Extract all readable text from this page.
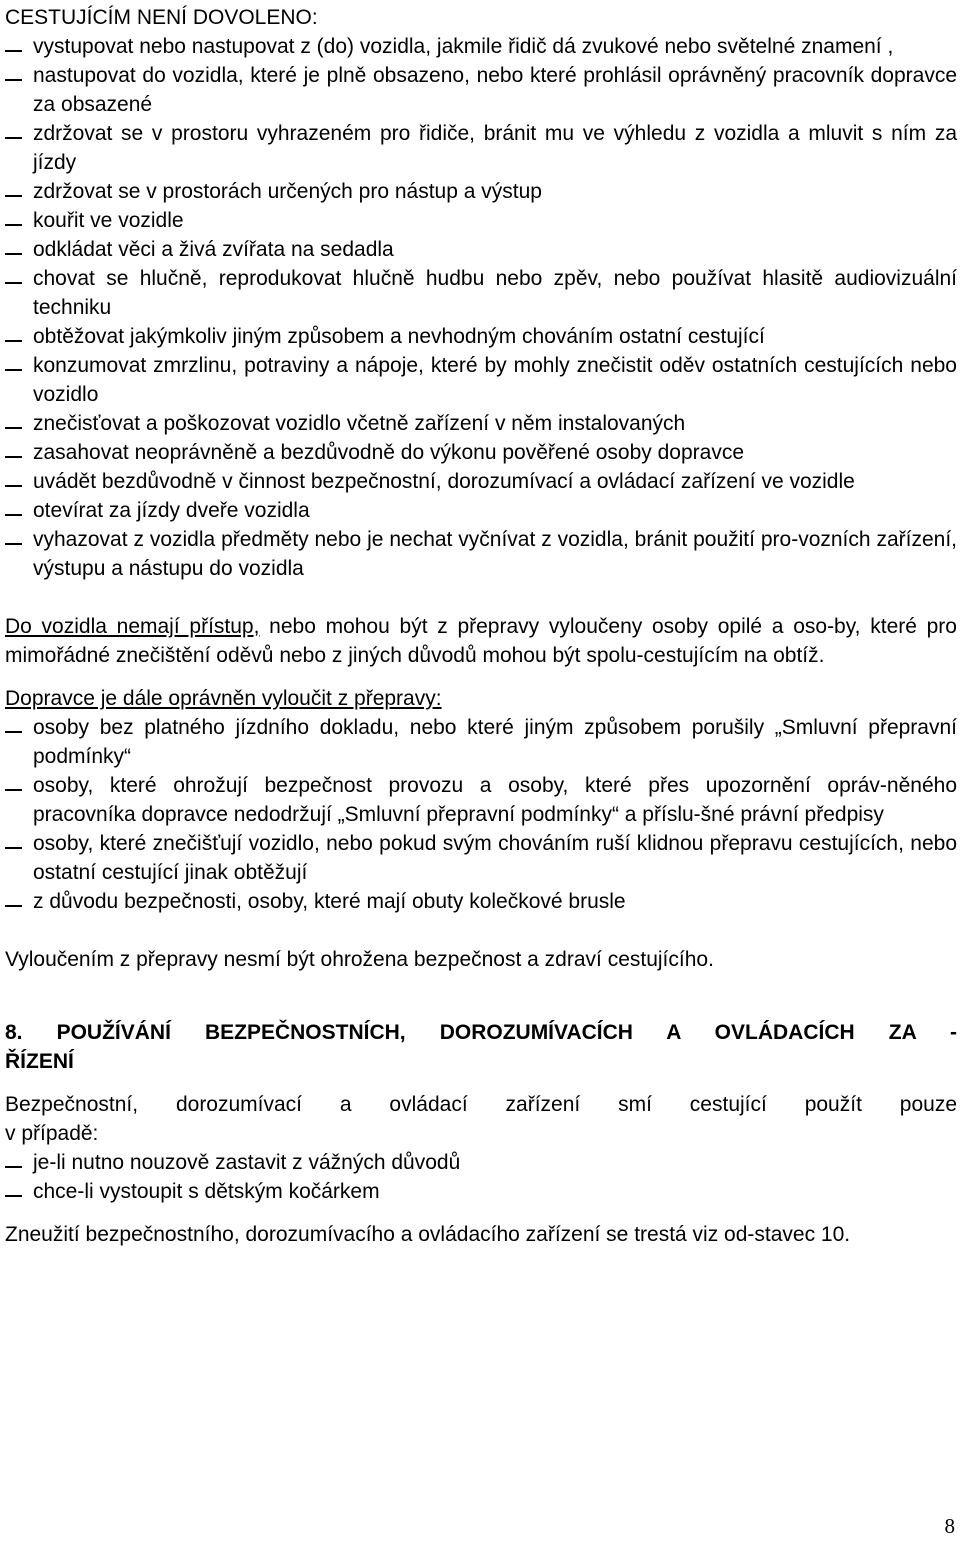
CESTUJÍCÍM NENÍ DOVOLENO:

vystupovat nebo nastupovat z (do) vozidla, jakmile řidič dá zvukové nebo světelné znamení ,
nastupovat do vozidla, které je plně obsazeno, nebo které prohlásil oprávněný pracovník dopravce za obsazené
zdržovat se v prostoru vyhrazeném pro řidiče, bránit mu ve výhledu z vozidla a mluvit s ním za jízdy
zdržovat se v prostorách určených pro nástup a výstup
kouřit ve vozidle
odkládat věci a živá zvířata na sedadla
chovat se hlučně, reprodukovat hlučně hudbu nebo zpěv, nebo používat hlasitě audiovizuální techniku
obtěžovat jakýmkoliv jiným způsobem a nevhodným chováním ostatní cestující
konzumovat zmrzlinu, potraviny a nápoje, které by mohly znečistit oděv ostatních cestujících nebo vozidlo
znečisťovat a poškozovat vozidlo včetně zařízení v něm instalovaných
zasahovat neoprávněně a bezdůvodně do výkonu pověřené osoby dopravce
uvádět bezdůvodně v činnost bezpečnostní, dorozumívací a ovládací zařízení ve vozidle
otevírat za jízdy dveře vozidla
vyhazovat z vozidla předměty nebo je nechat vyčnívat z vozidla, bránit použití pro-vozních zařízení, výstupu a nástupu do vozidla

Do vozidla nemají přístup, nebo mohou být z přepravy vyloučeny osoby opilé a oso-by, které pro mimořádné znečištění oděvů nebo z jiných důvodů mohou být spolu-cestujícím na obtíž.

Dopravce je dále oprávněn vyloučit z přepravy:

osoby bez platného jízdního dokladu, nebo které jiným způsobem porušily „Smluvní přepravní podmínky“
osoby, které ohrožují bezpečnost provozu a osoby, které přes upozornění opráv-něného pracovníka dopravce nedodržují „Smluvní přepravní podmínky“ a příslu-šné právní předpisy
osoby, které znečišťují vozidlo, nebo pokud svým chováním ruší klidnou přepravu cestujících, nebo ostatní cestující jinak obtěžují
z důvodu bezpečnosti, osoby, které mají obuty kolečkové brusle

Vyloučením z přepravy nesmí být ohrožena bezpečnost a zdraví cestujícího.

8. POUŽÍVÁNÍ BEZPEČNOSTNÍCH, DOROZUMÍVACÍCH A OVLÁDACÍCH ZA -

ŘÍZENÍ

Bezpečnostní, dorozumívací a ovládací zařízení smí cestující použít pouze

v případě:

je-li nutno nouzově zastavit z vážných důvodů
chce-li vystoupit s dětským kočárkem

Zneužití bezpečnostního, dorozumívacího a ovládacího zařízení se trestá viz od-stavec 10.

8
